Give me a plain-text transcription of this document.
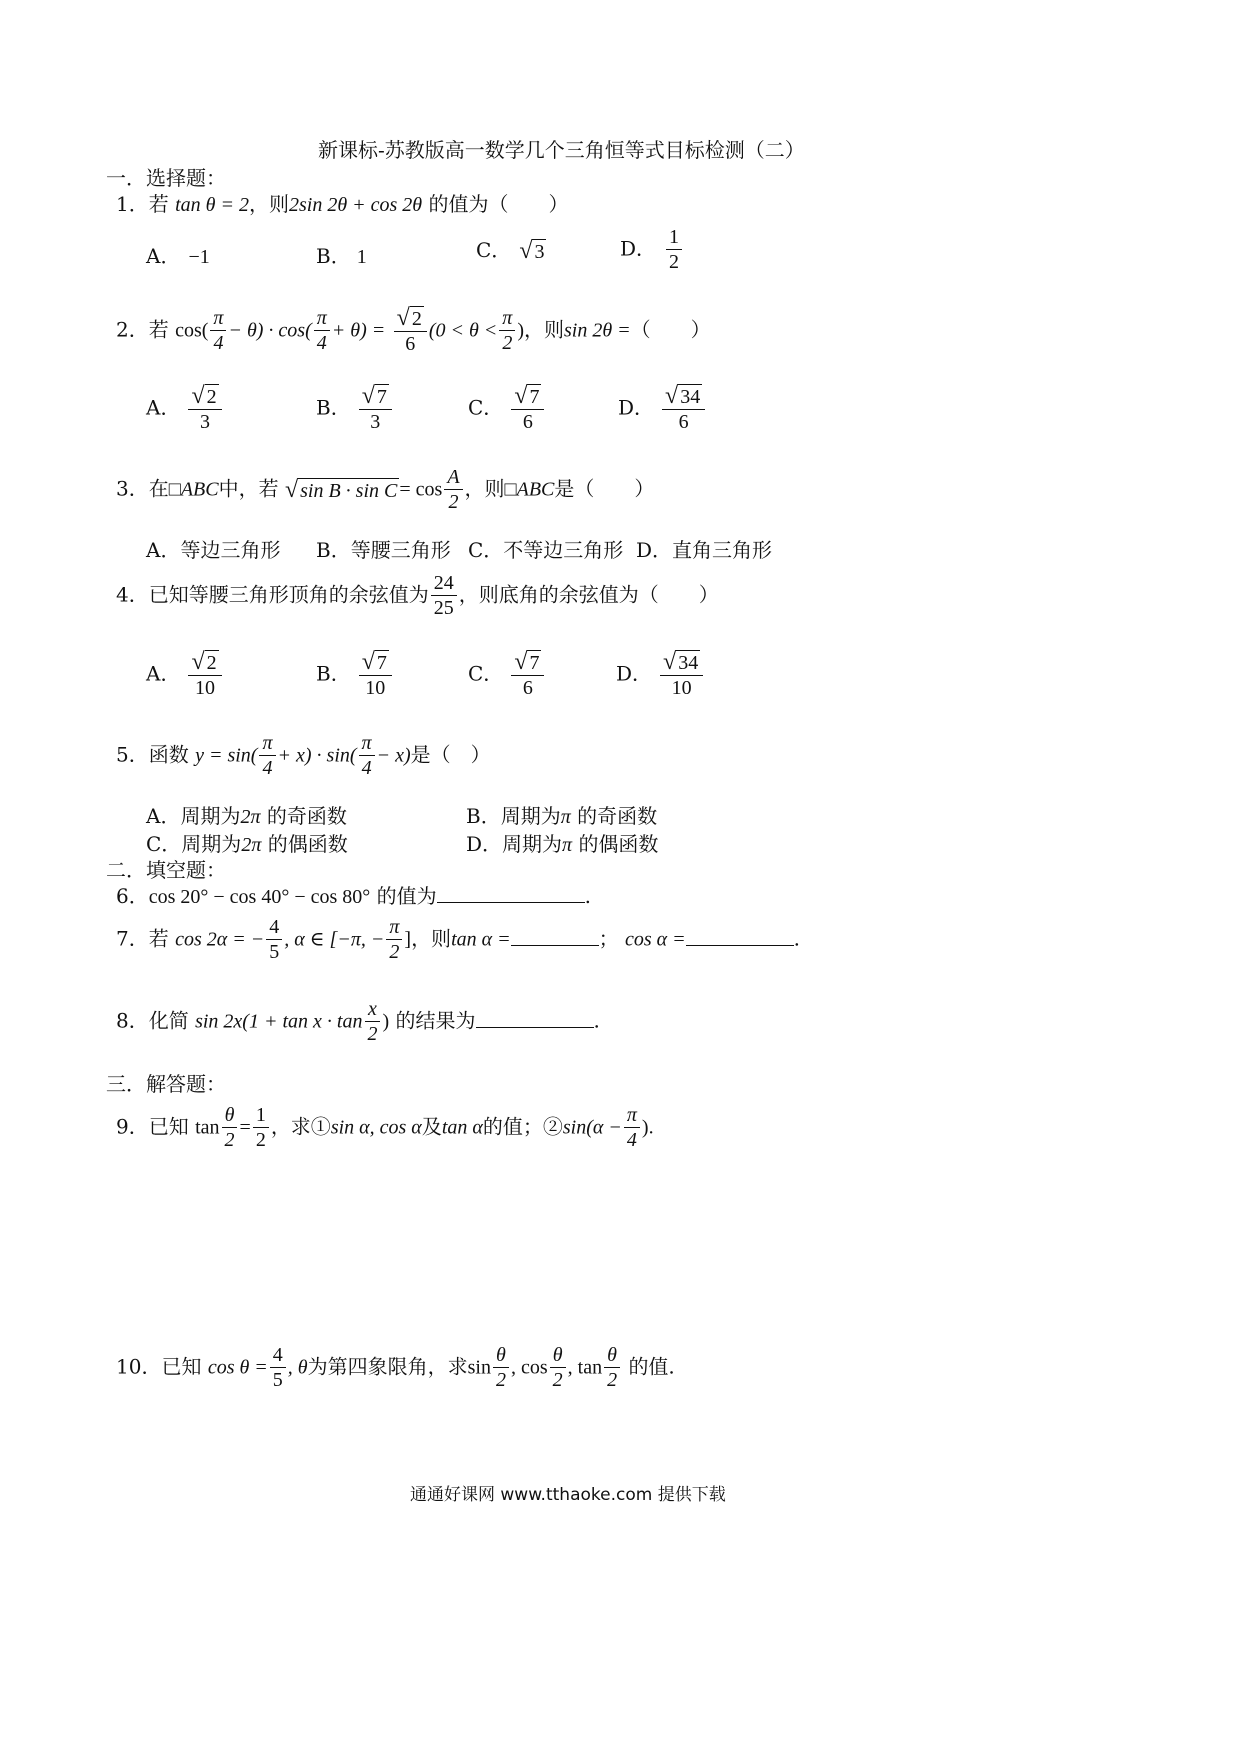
新课标-苏教版高一数学几个三角恒等式目标检测（二）
一．选择题：
1．若 tan θ = 2，则2sin 2θ + cos 2θ 的值为（　　）
A． −1	B． 1	C． √ 3	D． $\frac{1}{2}$
2．若 $\cos( \frac{\pi}{4} - \theta) \cdot \cos( \frac{\pi}{4} + \theta) = \frac{√ 2}{6} (0 < \theta < \frac{\pi}{2}$ )，则sin 2θ =（　　）
A． $\frac{√ 2}{3}$	B． $\frac{√ 7}{3}$	C． $\frac{√ 7}{6}$	D． $\frac{√ 34}{6}$
3．在□ABC中，若 √ $\sin B \cdot \sin C = \cos \frac{A}{2}$ ，则□ABC是（　　）
A．等边三角形 B．等腰三角形 C．不等边三角形 D．直角三角形
4．已知等腰三角形顶角的余弦值为 $\frac{24}{25}$ ，则底角的余弦值为（　　）
A． $\frac{√ 2}{10}$	B． $\frac{√ 7}{10}$	C． $\frac{√ 7}{6}$	D． $\frac{√ 34}{10}$
5．函数 $y = \sin( \frac{\pi}{4} + x) \cdot \sin( \frac{\pi}{4} - x)$是（　）
A．周期为2π 的奇函数	B．周期为π 的奇函数
C．周期为2π 的偶函数	D．周期为π 的偶函数
二．填空题：
6．cos 20° − cos 40° − cos 80° 的值为	.
7．若 cos 2α = − $\frac{4}{5}$ , α ∈ [−π, − $\frac{\pi}{2}$ ]，则tan α =	； cos α =	.
8．化简 $\sin 2x(1 + \tan x \cdot \tan \frac{x}{2}$ ) 的结果为	.
三．解答题：
9．已知 $\tan \frac{\theta}{2} = \frac{1}{2}$ ，求①sin α, cos α及tan α的值；②sin(α − $\frac{\pi}{4}$ ).
10．已知 $\cos \theta = \frac{4}{5}$ , θ为第四象限角，求$\sin \frac{\theta}{2}$ , $\cos \frac{\theta}{2}$ , $\tan \frac{\theta}{2}$ 的值.
通通好课网 www.tthaoke.com 提供下载
